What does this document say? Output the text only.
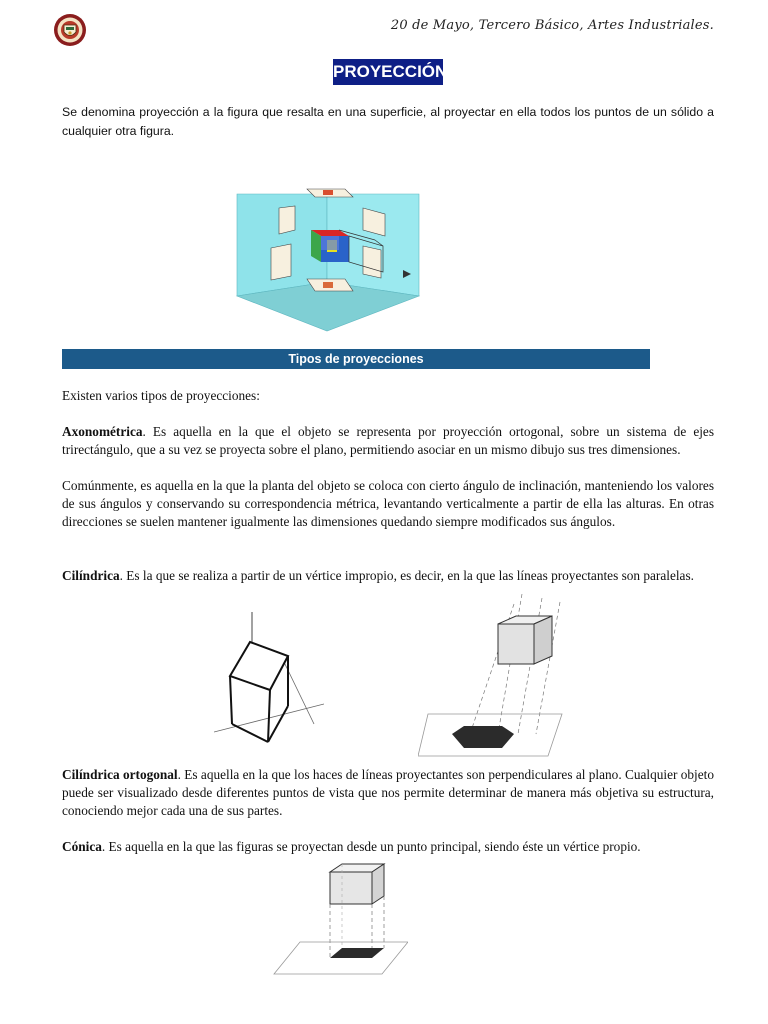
20 de Mayo, Tercero Básico, Artes Industriales.
PROYECCIÓN
Se denomina proyección a la figura que resalta en una superficie, al proyectar en ella todos los puntos de un sólido a cualquier otra figura.
Tipos de proyecciones
Existen varios tipos de proyecciones:
Axonométrica. Es aquella en la que el objeto se representa por proyección ortogonal, sobre un sistema de ejes trirectángulo, que a su vez se proyecta sobre el plano, permitiendo asociar en un mismo dibujo sus tres dimensiones.
Comúnmente, es aquella en la que la planta del objeto se coloca con cierto ángulo de inclinación, manteniendo los valores de sus ángulos y conservando su correspondencia métrica, levantando verticalmente a partir de ella las alturas. En otras direcciones se suelen mantener igualmente las dimensiones quedando siempre modificados sus ángulos.
Cilíndrica. Es la que se realiza a partir de un vértice impropio, es decir, en la que las líneas proyectantes son paralelas.
Cilíndrica ortogonal. Es aquella en la que los haces de líneas proyectantes son perpendiculares al plano. Cualquier objeto puede ser visualizado desde diferentes puntos de vista que nos permite determinar de manera más objetiva su estructura, conociendo mejor cada una de sus partes.
Cónica. Es aquella en la que las figuras se proyectan desde un punto principal, siendo éste un vértice propio.
